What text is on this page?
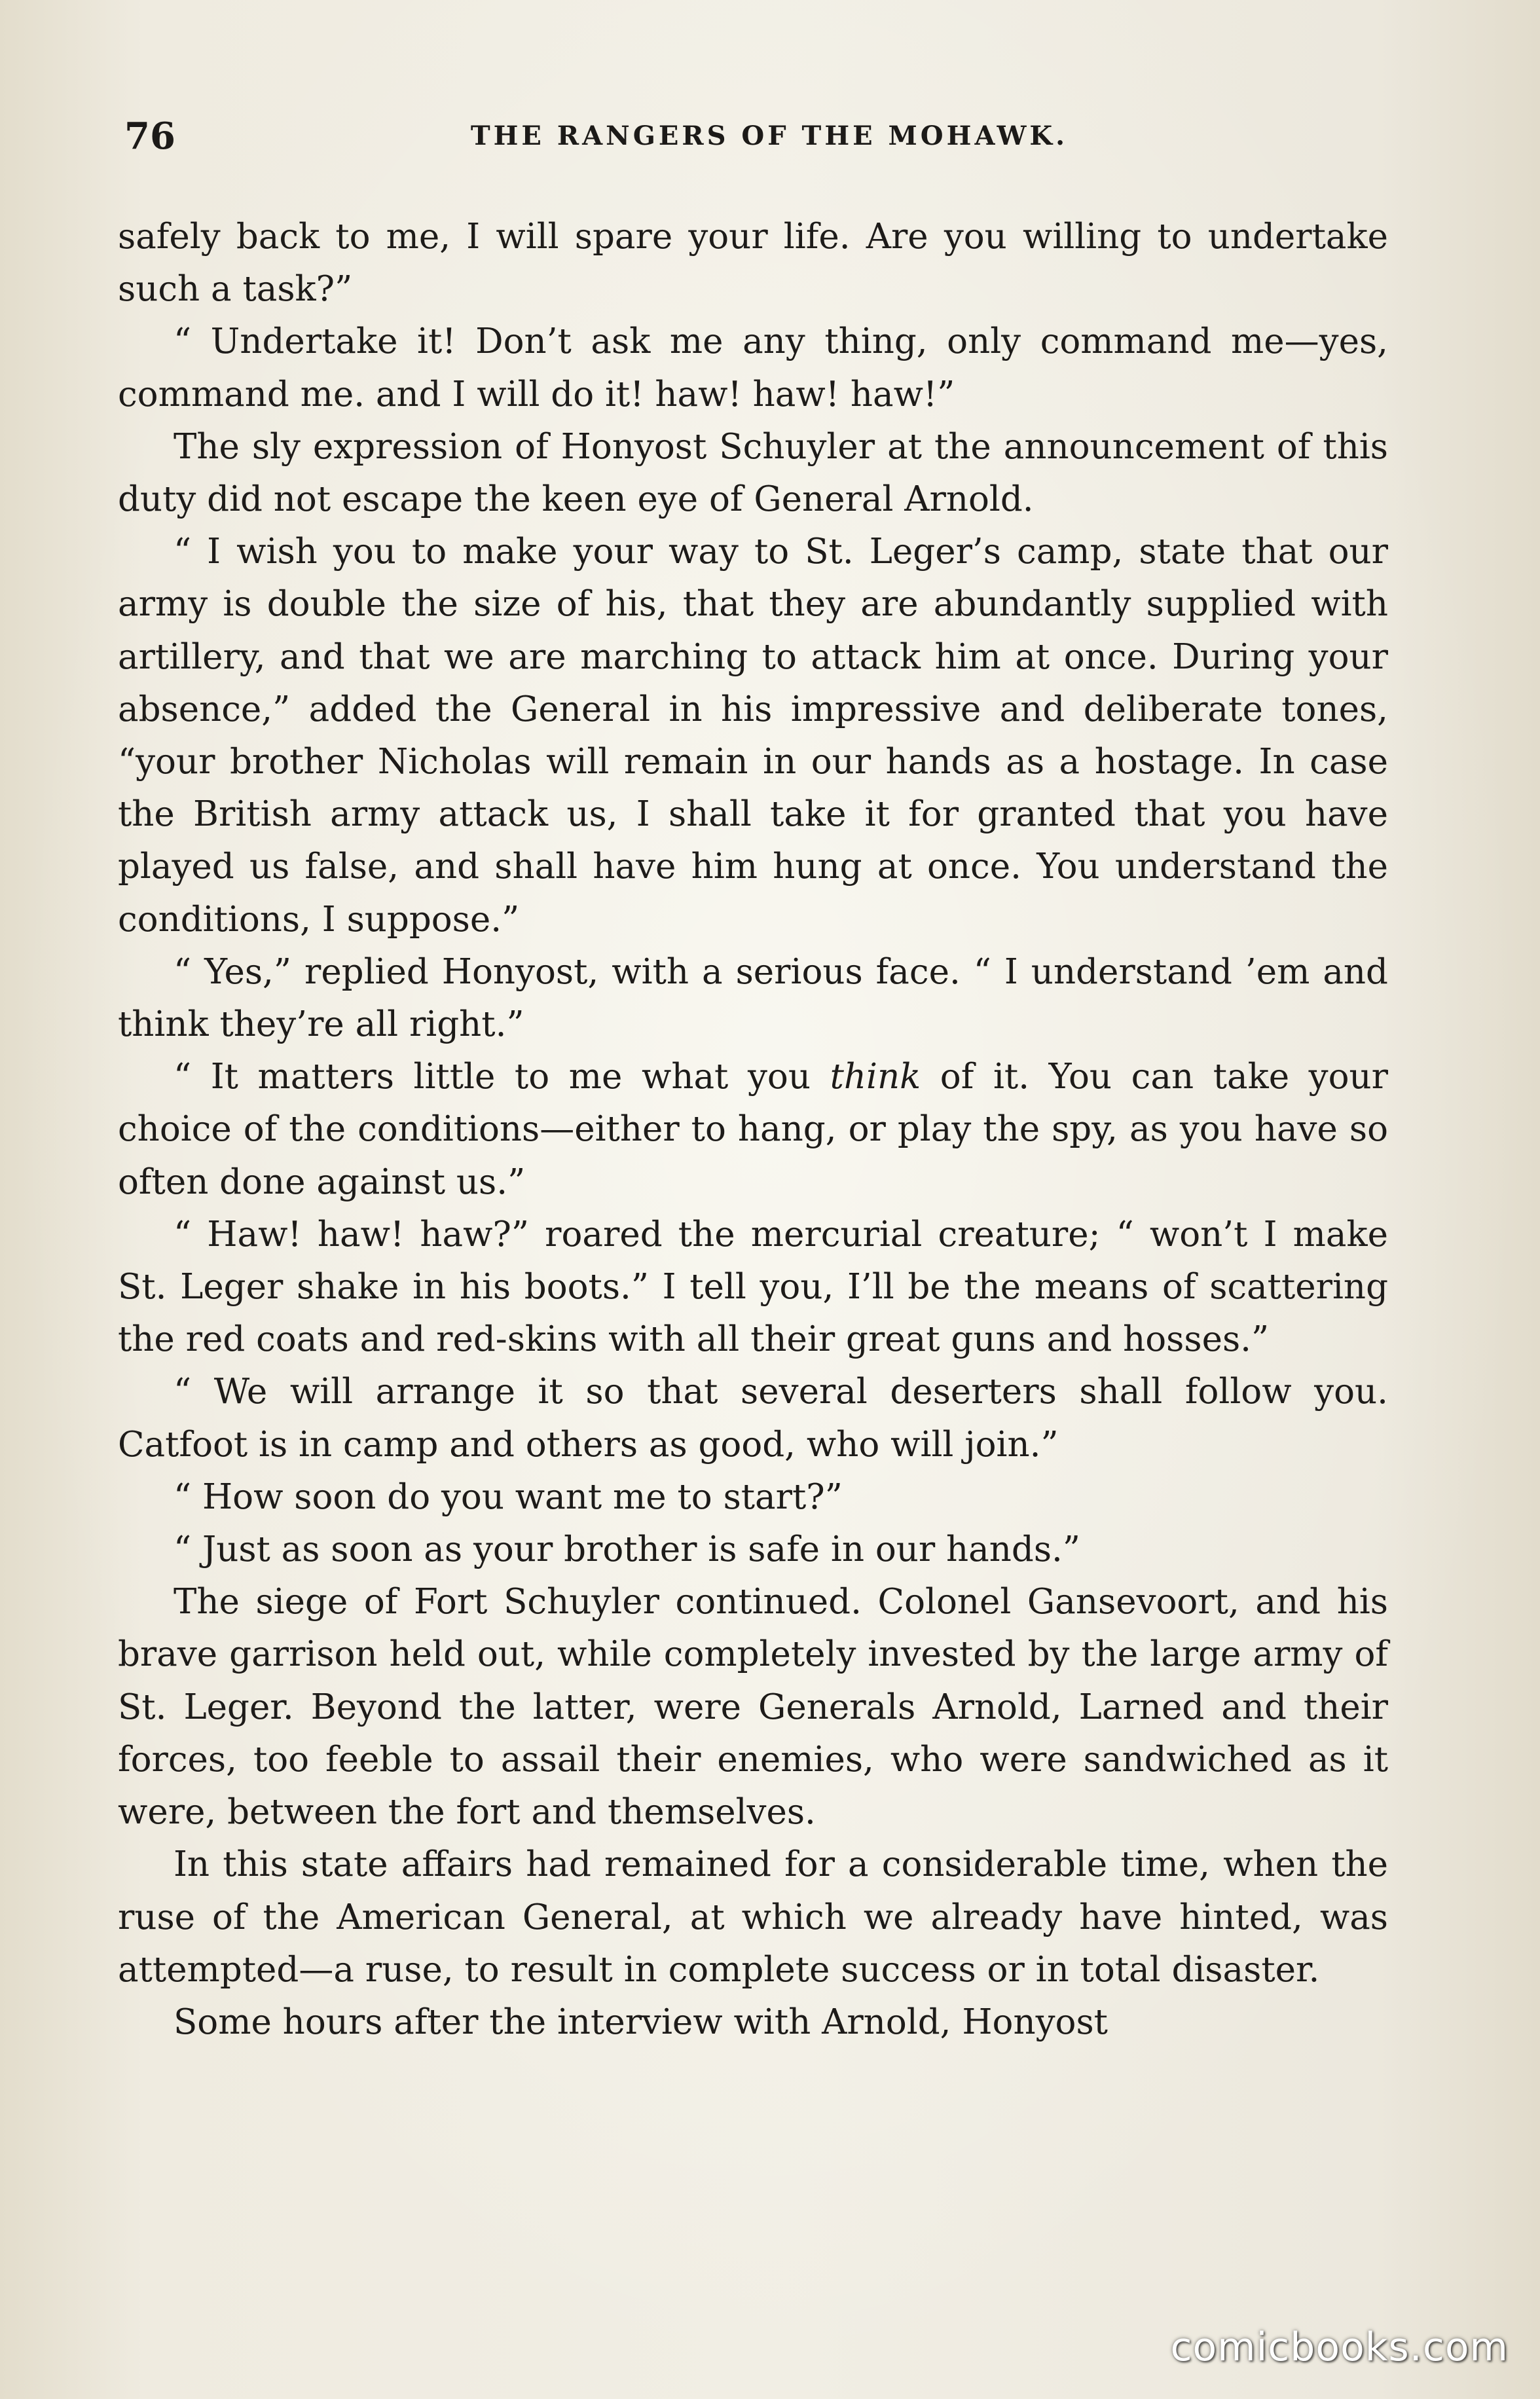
76	THE RANGERS OF THE MOHAWK.

safely back to me, I will spare your life. Are you willing to undertake such a task?”

“ Undertake it! Don’t ask me any thing, only command me—yes, command me. and I will do it! haw! haw! haw!”

The sly expression of Honyost Schuyler at the announcement of this duty did not escape the keen eye of General Arnold.

“ I wish you to make your way to St. Leger’s camp, state that our army is double the size of his, that they are abundantly supplied with artillery, and that we are marching to attack him at once. During your absence,” added the General in his impressive and deliberate tones, “your brother Nicholas will remain in our hands as a hostage. In case the British army attack us, I shall take it for granted that you have played us false, and shall have him hung at once. You understand the conditions, I suppose.”

“ Yes,” replied Honyost, with a serious face. “ I understand ’em and think they’re all right.”

“ It matters little to me what you think of it. You can take your choice of the conditions—either to hang, or play the spy, as you have so often done against us.”

“ Haw! haw! haw?” roared the mercurial creature; “ won’t I make St. Leger shake in his boots.” I tell you, I’ll be the means of scattering the red coats and red-skins with all their great guns and hosses.”

“ We will arrange it so that several deserters shall follow you. Catfoot is in camp and others as good, who will join.”

“ How soon do you want me to start?”

“ Just as soon as your brother is safe in our hands.”

The siege of Fort Schuyler continued. Colonel Gansevoort, and his brave garrison held out, while completely invested by the large army of St. Leger. Beyond the latter, were Generals Arnold, Larned and their forces, too feeble to assail their enemies, who were sandwiched as it were, between the fort and themselves.

In this state affairs had remained for a considerable time, when the ruse of the American General, at which we already have hinted, was attempted—a ruse, to result in complete success or in total disaster.

Some hours after the interview with Arnold, Honyost

comicbooks.com
